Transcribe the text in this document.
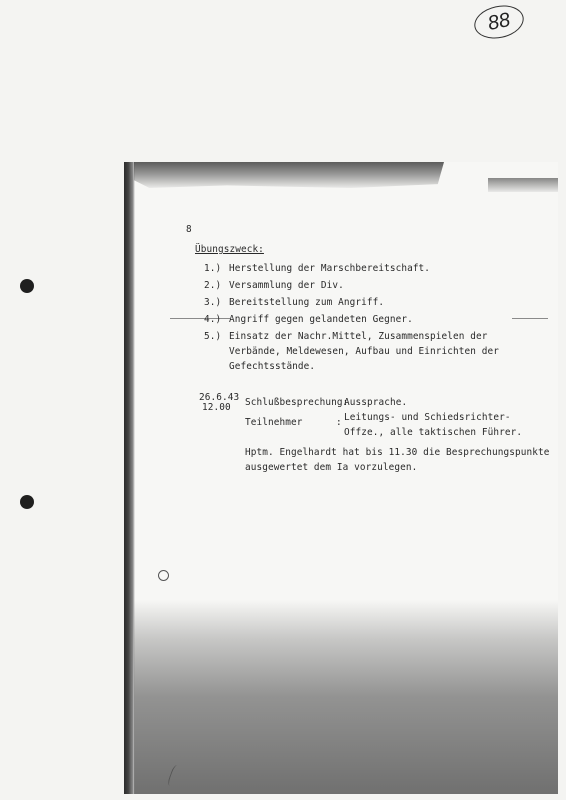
88
8
Übungszweck:
1.) Herstellung der Marschbereitschaft.
2.) Versammlung der Div.
3.) Bereitstellung zum Angriff.
4.) Angriff gegen gelandeten Gegner.
5.) Einsatz der Nachr.Mittel, Zusammenspielen der
Verbände, Meldewesen, Aufbau und Einrichten der
Gefechtsstände.
26.6.43
12.00 Schlußbesprechung:
Aussprache.
Teilnehmer	: Leitungs- und Schiedsrichter-
Offze., alle taktischen Führer.
Hptm. Engelhardt hat bis 11.30 die Besprechungspunkte
ausgewertet dem Ia vorzulegen.
